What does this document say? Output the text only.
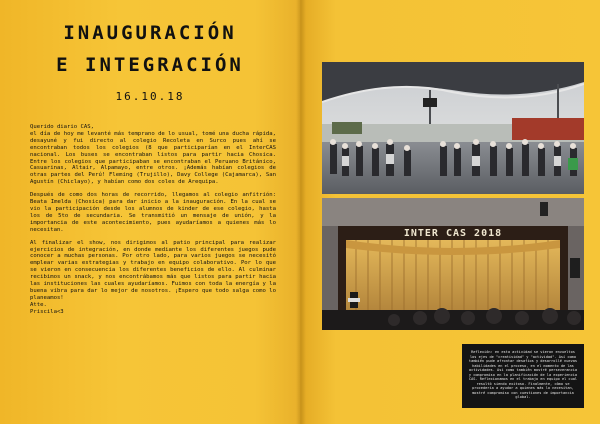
INAUGURACIÓN
E INTEGRACIÓN
16.10.18

Querido diario CAS,
el día de hoy me levanté más temprano de lo usual, tomé una ducha rápida, desayuné y fui directo al colegio Recoleta en Surco pues ahí se encontraban todos los colegios (8 que participarían en el InterCAS nacional. Los buses se encontraban listos para partir hacia Chosica. Entre los colegios que participaban se encontraban el Peruano Británico, Casuarinas, Altair, Alpamayo, entre otros. ¡Además habían colegios de otras partes del Perú! Fleming (Trujillo), Davy College (Cajamarca), San Agustín (Chiclayo), y habían como dos coles de Arequipa.

Después de como dos horas de recorrido, llegamos al colegio anfitrión: Beata Imelda (Chosica) para dar inicio a la inauguración. En la cual se vio la participación desde los alumnos de kinder de ese colegio, hasta los de 5to de secundaria. Se transmitió un mensaje de unión, y la importancia de este acontecimiento, pues ayudaríamos a quienes más lo necesitan.

Al finalizar el show, nos dirigimos al patio principal para realizar ejercicios de integración, en donde mediante los diferentes juegos pude conocer a muchas personas. Por otro lado, para varios juegos se necesitó emplear varias estrategias y trabajo en equipo colaborativo. Por lo que se vieron en consecuencia los diferentes beneficios de ello. Al culminar recibimos un snack, y nos encontrábamos más que listos para partir hacia las instituciones las cuales ayudaríamos. Fuimos con toda la energía y la buena vibra para dar lo mejor de nosotros. ¡Espero que todo salga como lo planeamos!

Atte.

Priscila<3

INTER CAS 2018
Reflexión: en esta actividad se vieron envueltos los ejes de "creatividad" y "actividad". Así como también pude afrontar desafíos y desarrollé nuevas habilidades en el proceso, en el momento de las actividades. Así como también mostré perseverancia y compromiso en la planificación de la experiencia CAS. Reflexionamos en el trabajo en equipo el cual resultó siendo exitoso. Finalmente, cómo se procedería a ayudar a quienes más lo necesitan, mostré compromiso con cuestiones de importancia global.
